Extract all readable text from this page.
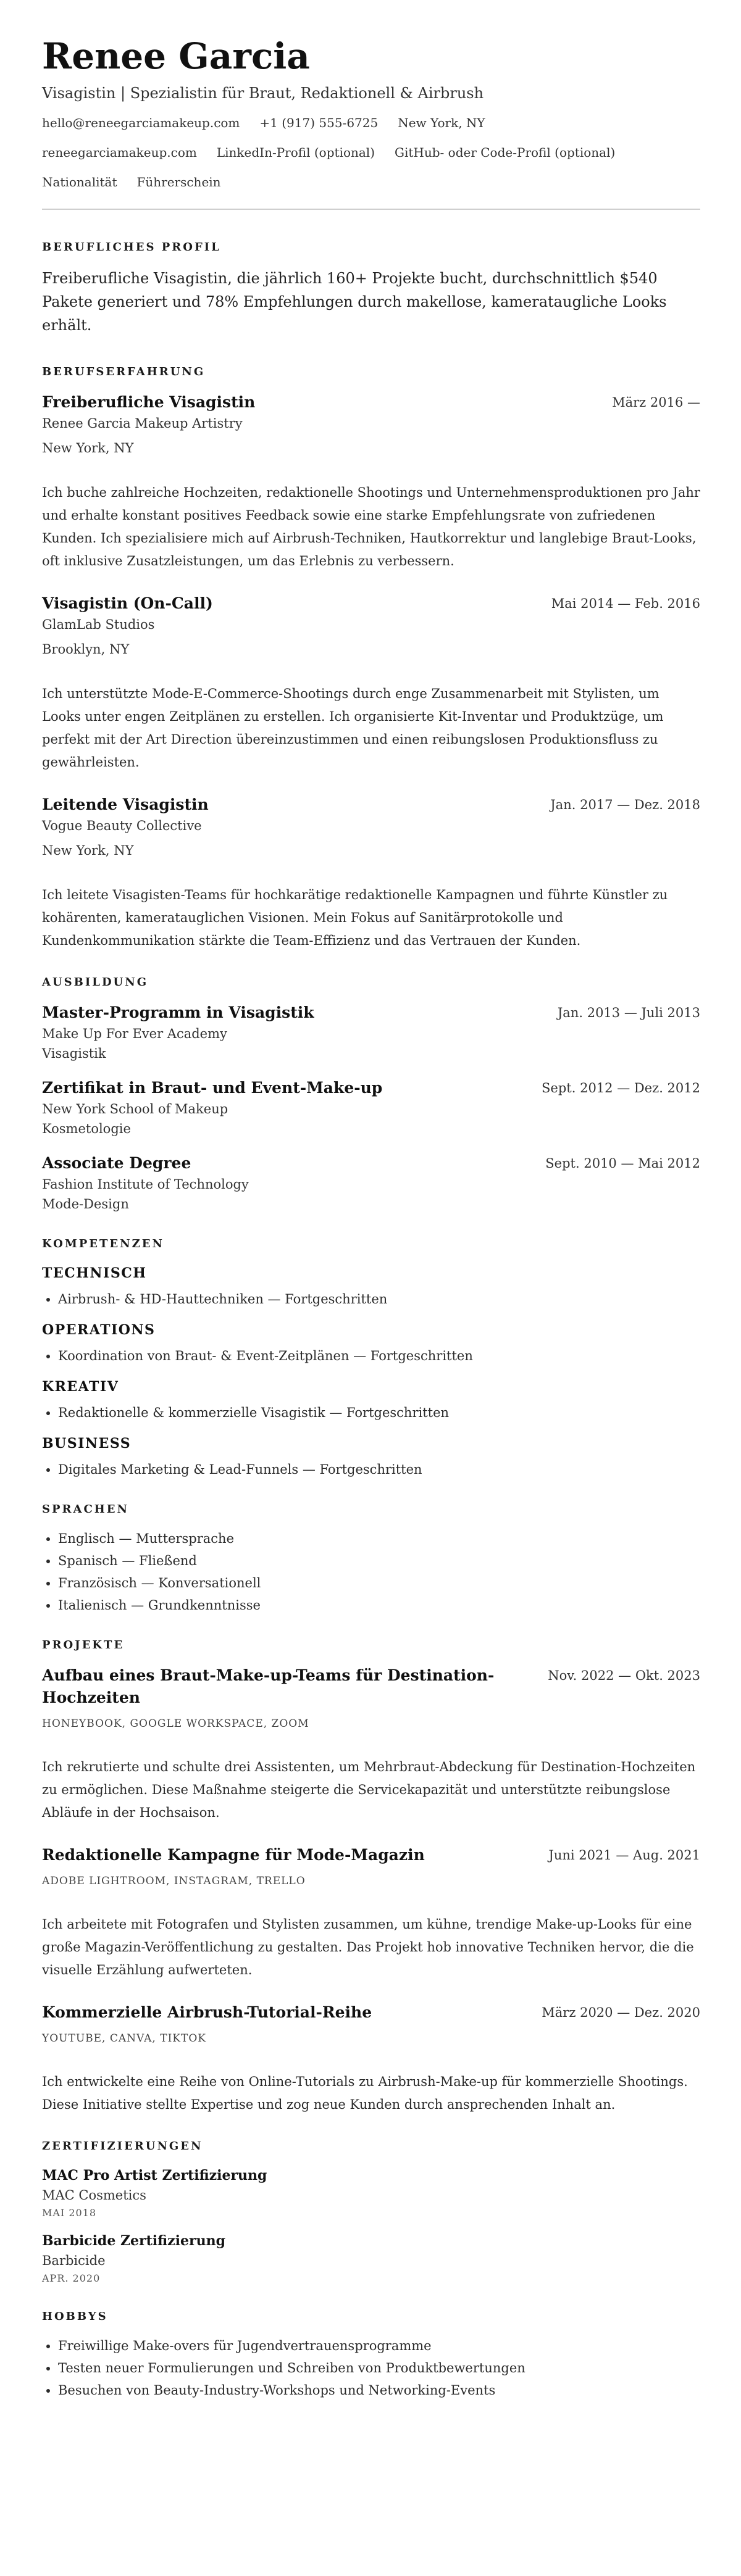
Renee Garcia
Visagistin | Spezialistin für Braut, Redaktionell & Airbrush
hello@reneegarciamakeup.com +1 (917) 555-6725 New York, NY
reneegarciamakeup.com LinkedIn-Profil (optional) GitHub- oder Code-Profil (optional)
Nationalität Führerschein
BERUFLICHES PROFIL

Freiberufliche Visagistin, die jährlich 160+ Projekte bucht, durchschnittlich $540 Pakete generiert und 78% Empfehlungen durch makellose, kamerataugliche Looks erhält.

BERUFSERFAHRUNG
Freiberufliche Visagistin	März 2016 —
Renee Garcia Makeup Artistry
New York, NY
Ich buche zahlreiche Hochzeiten, redaktionelle Shootings und Unternehmensproduktionen pro Jahr und erhalte konstant positives Feedback sowie eine starke Empfehlungsrate von zufriedenen Kunden. Ich spezialisiere mich auf Airbrush-Techniken, Hautkorrektur und langlebige Braut-Looks, oft inklusive Zusatzleistungen, um das Erlebnis zu verbessern.
Visagistin (On-Call)	Mai 2014 — Feb. 2016
GlamLab Studios
Brooklyn, NY
Ich unterstützte Mode-E-Commerce-Shootings durch enge Zusammenarbeit mit Stylisten, um Looks unter engen Zeitplänen zu erstellen. Ich organisierte Kit-Inventar und Produktzüge, um perfekt mit der Art Direction übereinzustimmen und einen reibungslosen Produktionsfluss zu gewährleisten.
Leitende Visagistin	Jan. 2017 — Dez. 2018
Vogue Beauty Collective
New York, NY
Ich leitete Visagisten-Teams für hochkarätige redaktionelle Kampagnen und führte Künstler zu kohärenten, kameratauglichen Visionen. Mein Fokus auf Sanitärprotokolle und Kundenkommunikation stärkte die Team-Effizienz und das Vertrauen der Kunden.
AUSBILDUNG
Master-Programm in Visagistik	Jan. 2013 — Juli 2013
Make Up For Ever Academy
Visagistik
Zertifikat in Braut- und Event-Make-up	Sept. 2012 — Dez. 2012
New York School of Makeup
Kosmetologie
Associate Degree	Sept. 2010 — Mai 2012
Fashion Institute of Technology
Mode-Design
KOMPETENZEN
TECHNISCH
• Airbrush- & HD-Hauttechniken — Fortgeschritten
OPERATIONS
• Koordination von Braut- & Event-Zeitplänen — Fortgeschritten
KREATIV
• Redaktionelle & kommerzielle Visagistik — Fortgeschritten
BUSINESS
• Digitales Marketing & Lead-Funnels — Fortgeschritten
SPRACHEN
• Englisch — Muttersprache
• Spanisch — Fließend
• Französisch — Konversationell
• Italienisch — Grundkenntnisse
PROJEKTE
Aufbau eines Braut-Make-up-Teams für Destination-Hochzeiten
Nov. 2022 — Okt. 2023
HONEYBOOK, GOOGLE WORKSPACE, ZOOM
Ich rekrutierte und schulte drei Assistenten, um Mehrbraut-Abdeckung für Destination-Hochzeiten zu ermöglichen. Diese Maßnahme steigerte die Servicekapazität und unterstützte reibungslose Abläufe in der Hochsaison.
Redaktionelle Kampagne für Mode-Magazin	Juni 2021 — Aug. 2021
ADOBE LIGHTROOM, INSTAGRAM, TRELLO
Ich arbeitete mit Fotografen und Stylisten zusammen, um kühne, trendige Make-up-Looks für eine große Magazin-Veröffentlichung zu gestalten. Das Projekt hob innovative Techniken hervor, die die visuelle Erzählung aufwerteten.
Kommerzielle Airbrush-Tutorial-Reihe	März 2020 — Dez. 2020
YOUTUBE, CANVA, TIKTOK
Ich entwickelte eine Reihe von Online-Tutorials zu Airbrush-Make-up für kommerzielle Shootings. Diese Initiative stellte Expertise und zog neue Kunden durch ansprechenden Inhalt an.
ZERTIFIZIERUNGEN
MAC Pro Artist Zertifizierung
MAC Cosmetics
MAI 2018
Barbicide Zertifizierung
Barbicide
APR. 2020
HOBBYS
• Freiwillige Make-overs für Jugendvertrauensprogramme
• Testen neuer Formulierungen und Schreiben von Produktbewertungen
• Besuchen von Beauty-Industry-Workshops und Networking-Events
